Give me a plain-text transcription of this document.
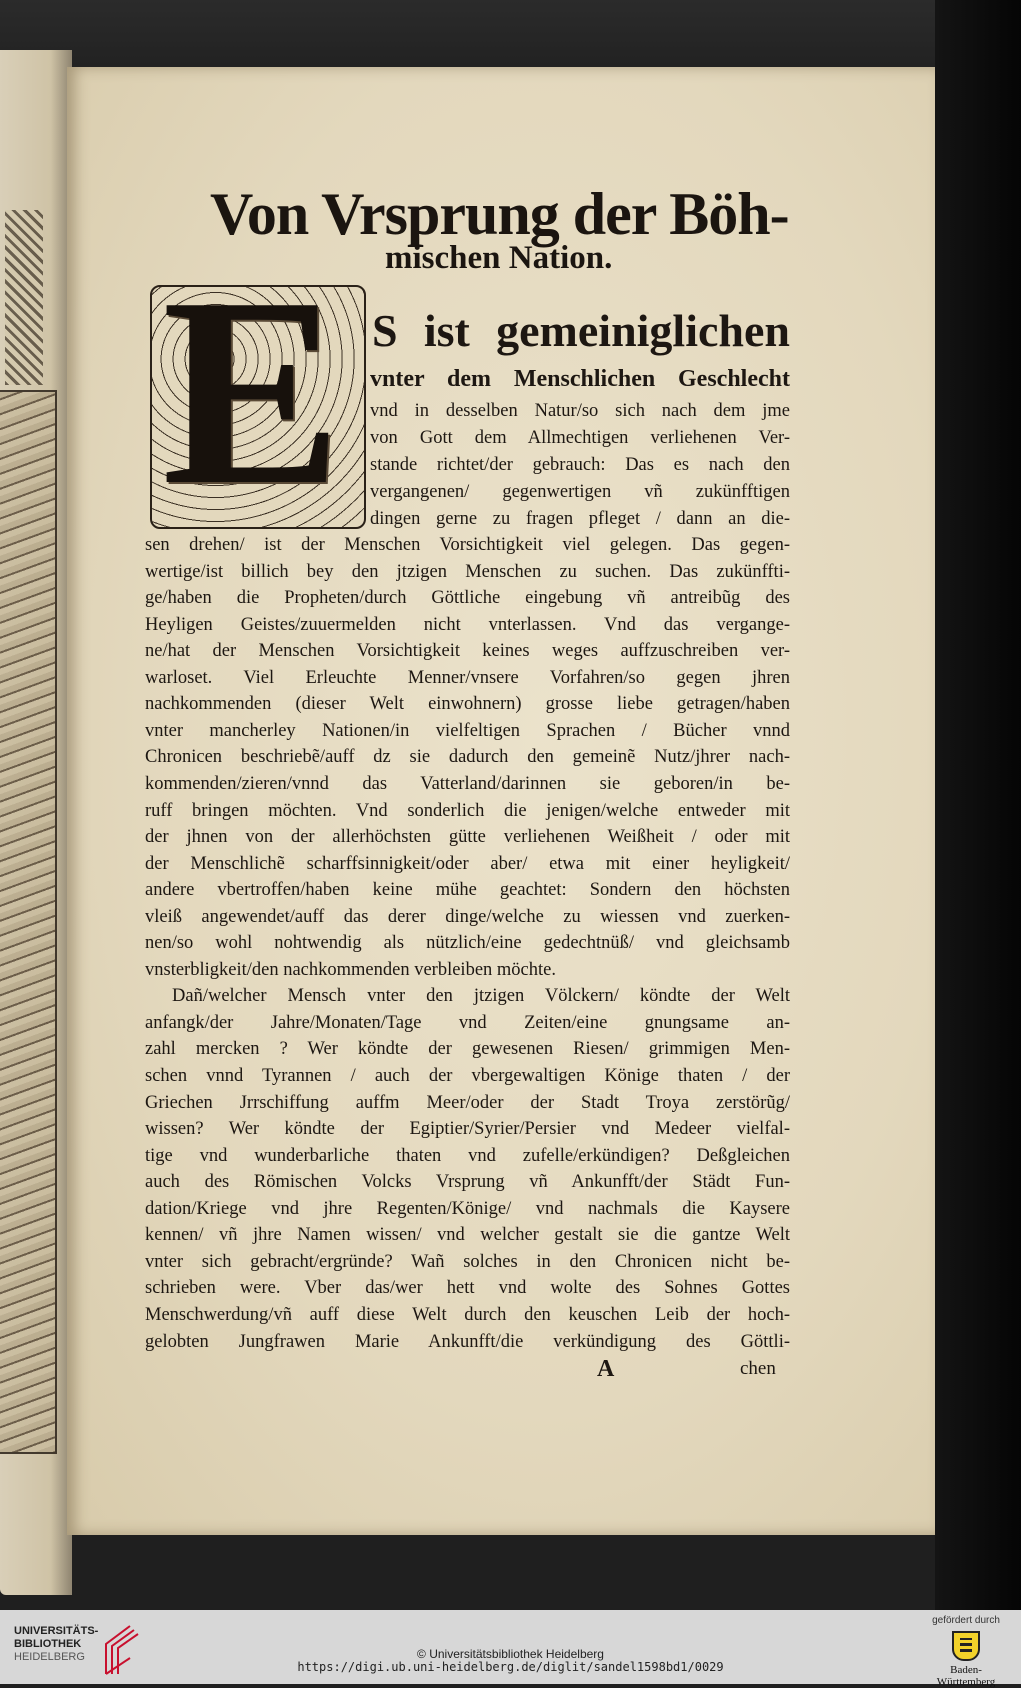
Von Vrsprung der Böh-
mischen Nation.
E S ist gemeiniglichen
vnter dem Menschlichen Geschlecht
vnd in desselben Natur/so sich nach dem jme
von Gott dem Allmechtigen verliehenen Ver-
stande richtet/der gebrauch: Das es nach den
vergangenen/ gegenwertigen vñ zukünfftigen
dingen gerne zu fragen pfleget / dann an die-
sen drehen/ ist der Menschen Vorsichtigkeit viel gelegen. Das gegen-
wertige/ist billich bey den jtzigen Menschen zu suchen. Das zukünffti-
ge/haben die Propheten/durch Göttliche eingebung vñ antreibũg des
Heyligen Geistes/zuuermelden nicht vnterlassen. Vnd das vergange-
ne/hat der Menschen Vorsichtigkeit keines weges auffzuschreiben ver-
warloset. Viel Erleuchte Menner/vnsere Vorfahren/so gegen jhren
nachkommenden (dieser Welt einwohnern) grosse liebe getragen/haben
vnter mancherley Nationen/in vielfeltigen Sprachen / Bücher vnnd
Chronicen beschriebẽ/auff dz sie dadurch den gemeinẽ Nutz/jhrer nach-
kommenden/zieren/vnnd das Vatterland/darinnen sie geboren/in be-
ruff bringen möchten. Vnd sonderlich die jenigen/welche entweder mit
der jhnen von der allerhöchsten gütte verliehenen Weißheit / oder mit
der Menschlichẽ scharffsinnigkeit/oder aber/ etwa mit einer heyligkeit/
andere vbertroffen/haben keine mühe geachtet: Sondern den höchsten
vleiß angewendet/auff das derer dinge/welche zu wiessen vnd zuerken-
nen/so wohl nohtwendig als nützlich/eine gedechtnüß/ vnd gleichsamb
vnsterbligkeit/den nachkommenden verbleiben möchte.
Dañ/welcher Mensch vnter den jtzigen Völckern/ köndte der Welt
anfangk/der Jahre/Monaten/Tage vnd Zeiten/eine gnungsame an-
zahl mercken ? Wer köndte der gewesenen Riesen/ grimmigen Men-
schen vnnd Tyrannen / auch der vbergewaltigen Könige thaten / der
Griechen Jrrschiffung auffm Meer/oder der Stadt Troya zerstörũg/
wissen? Wer köndte der Egiptier/Syrier/Persier vnd Medeer vielfal-
tige vnd wunderbarliche thaten vnd zufelle/erkündigen? Deßgleichen
auch des Römischen Volcks Vrsprung vñ Ankunfft/der Städt Fun-
dation/Kriege vnd jhre Regenten/Könige/ vnd nachmals die Kaysere
kennen/ vñ jhre Namen wissen/ vnd welcher gestalt sie die gantze Welt
vnter sich gebracht/ergründe? Wañ solches in den Chronicen nicht be-
schrieben were. Vber das/wer hett vnd wolte des Sohnes Gottes
Menschwerdung/vñ auff diese Welt durch den keuschen Leib der hoch-
gelobten Jungfrawen Marie Ankunfft/die verkündigung des Göttli-
A	chen
UNIVERSITÄTS-
BIBLIOTHEK
HEIDELBERG	© Universitätsbibliothek Heidelberg
https://digi.ub.uni-heidelberg.de/diglit/sandel1598bd1/0029
gefördert durch
Baden-Württemberg
